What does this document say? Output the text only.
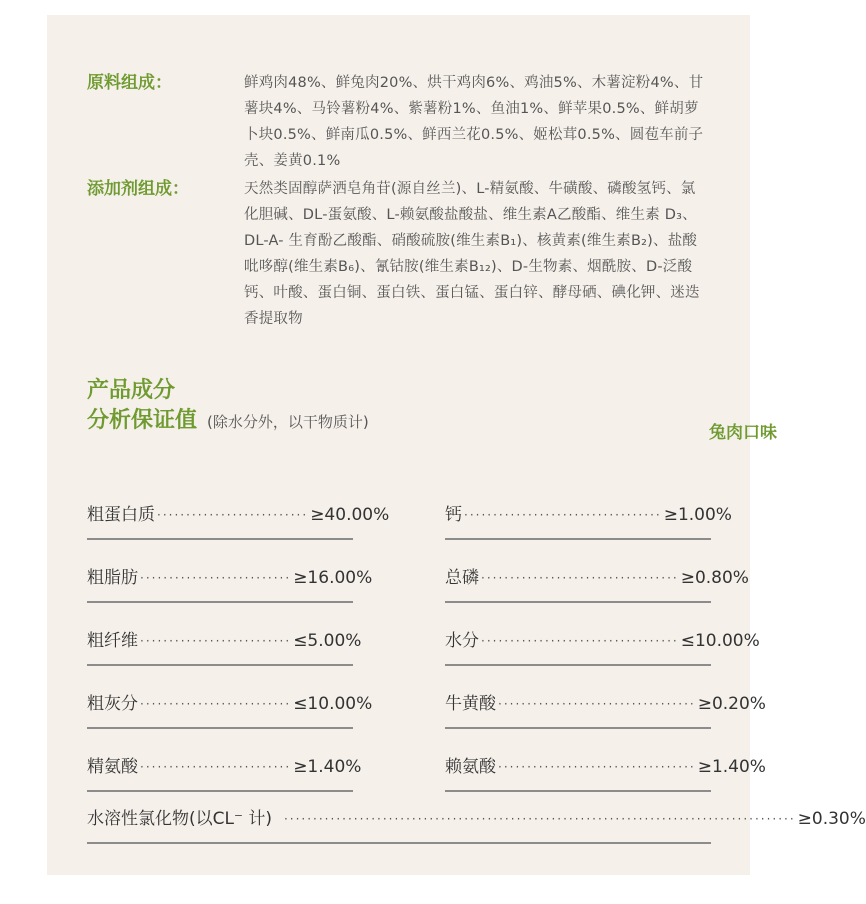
原料组成：	鲜鸡肉48%、鲜兔肉20%、烘干鸡肉6%、鸡油5%、木薯淀粉4%、甘薯块4%、马铃薯粉4%、紫薯粉1%、鱼油1%、鲜苹果0.5%、鲜胡萝卜块0.5%、鲜南瓜0.5%、鲜西兰花0.5%、姬松茸0.5%、圆苞车前子壳、姜黄0.1%
添加剂组成：	天然类固醇萨洒皂角苷(源自丝兰)、L-精氨酸、牛磺酸、磷酸氢钙、氯化胆碱、DL-蛋氨酸、L-赖氨酸盐酸盐、维生素A乙酸酯、维生素 D₃、DL-A- 生育酚乙酸酯、硝酸硫胺(维生素B₁)、核黄素(维生素B₂)、盐酸吡哆醇(维生素B₆)、氰钴胺(维生素B₁₂)、D-生物素、烟酰胺、D-泛酸钙、叶酸、蛋白铜、蛋白铁、蛋白锰、蛋白锌、酵母硒、碘化钾、迷迭香提取物
产品成分
分析保证值 (除水分外，以干物质计)
兔肉口味
粗蛋白质 ·························· ≥40.00%
粗脂肪 ·························· ≥16.00%
粗纤维 ·························· ≤5.00%
粗灰分 ·························· ≤10.00%
精氨酸 ·························· ≥1.40%
钙 ·································· ≥1.00%
总磷 ·································· ≥0.80%
水分 ·································· ≤10.00%
牛黄酸 ·································· ≥0.20%
赖氨酸 ·································· ≥1.40%
水溶性氯化物(以CL⁻ 计) ························································································ ≥0.30%
